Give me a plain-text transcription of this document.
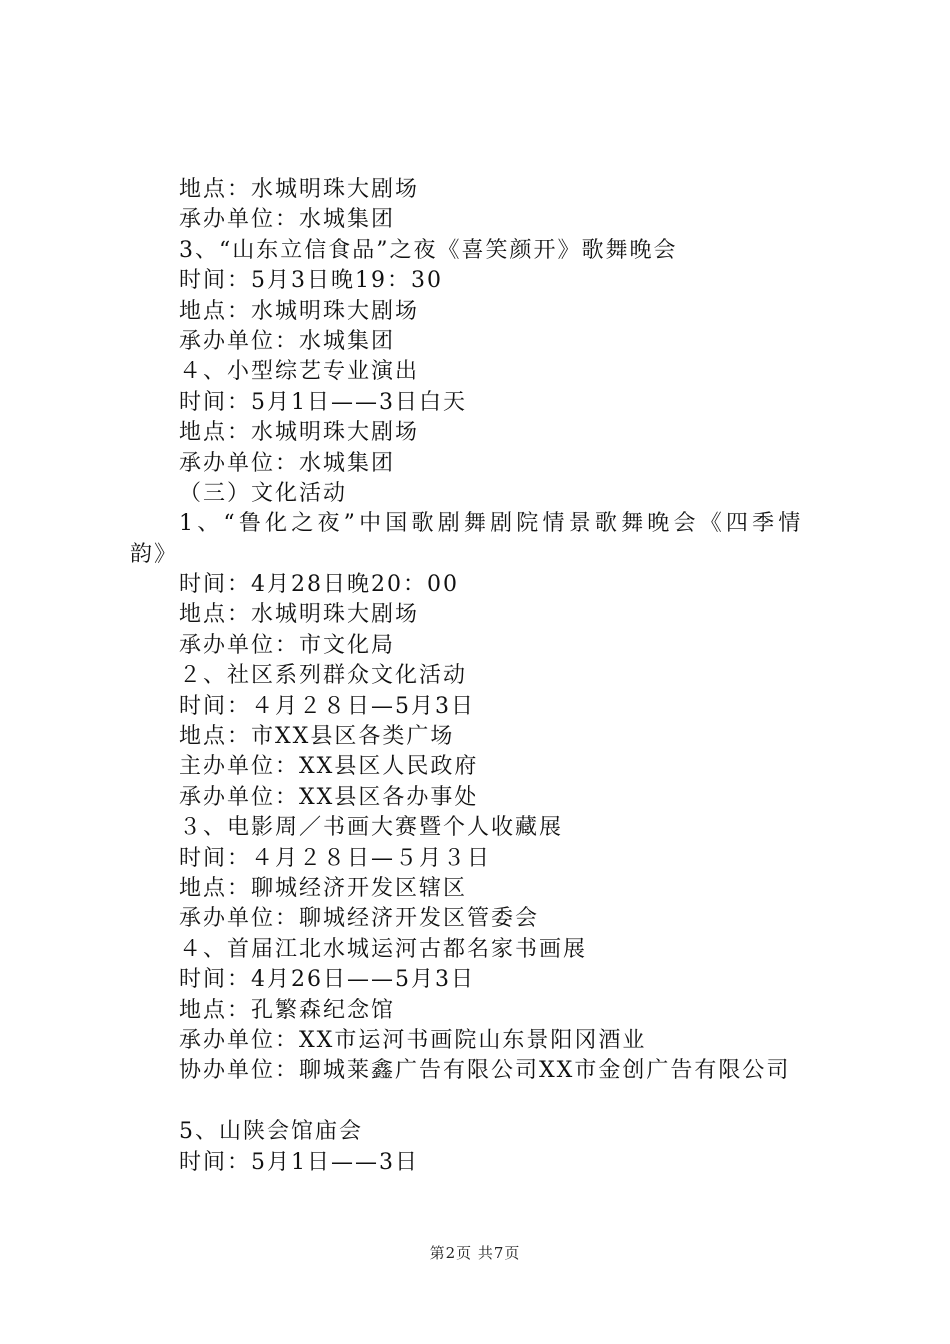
地点：水城明珠大剧场
承办单位：水城集团
3、“山东立信食品”之夜《喜笑颜开》歌舞晚会
时间：5月3日晚19：30
地点：水城明珠大剧场
承办单位：水城集团
４、小型综艺专业演出
时间：5月1日——3日白天
地点：水城明珠大剧场
承办单位：水城集团
（三）文化活动
1、“鲁化之夜”中国歌剧舞剧院情景歌舞晚会《四季情
韵》
时间：4月28日晚20：00
地点：水城明珠大剧场
承办单位：市文化局
２、社区系列群众文化活动
时间：４月２８日—5月3日
地点：市XX县区各类广场
主办单位：XX县区人民政府
承办单位：XX县区各办事处
３、电影周／书画大赛暨个人收藏展
时间：４月２８日—５月３日
地点：聊城经济开发区辖区
承办单位：聊城经济开发区管委会
４、首届江北水城运河古都名家书画展
时间：4月26日——5月3日
地点：孔繁森纪念馆
承办单位：XX市运河书画院山东景阳冈酒业
协办单位：聊城莱鑫广告有限公司XX市金创广告有限公司
5、山陕会馆庙会
时间：5月1日——3日
第2页 共7页
